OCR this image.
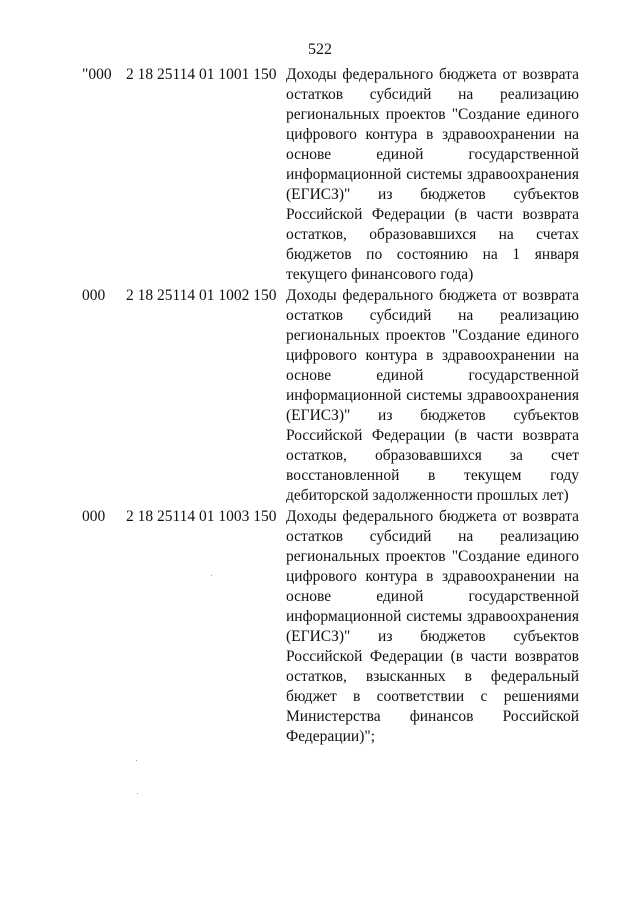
522
"000 2 18 25114 01 1001 150 Доходы федерального бюджета от возврата остатков субсидий на реализацию региональных проектов "Создание единого цифрового контура в здравоохранении на основе единой государственной информационной системы здравоохранения (ЕГИСЗ)" из бюджетов субъектов Российской Федерации (в части возврата остатков, образовавшихся на счетах бюджетов по состоянию на 1 января текущего финансового года)
000 2 18 25114 01 1002 150 Доходы федерального бюджета от возврата остатков субсидий на реализацию региональных проектов "Создание единого цифрового контура в здравоохранении на основе единой государственной информационной системы здравоохранения (ЕГИСЗ)" из бюджетов субъектов Российской Федерации (в части возврата остатков, образовавшихся за счет восстановленной в текущем году дебиторской задолженности прошлых лет)
000 2 18 25114 01 1003 150 Доходы федерального бюджета от возврата остатков субсидий на реализацию региональных проектов "Создание единого цифрового контура в здравоохранении на основе единой государственной информационной системы здравоохранения (ЕГИСЗ)" из бюджетов субъектов Российской Федерации (в части возвратов остатков, взысканных в федеральный бюджет в соответствии с решениями Министерства финансов Российской Федерации)";
